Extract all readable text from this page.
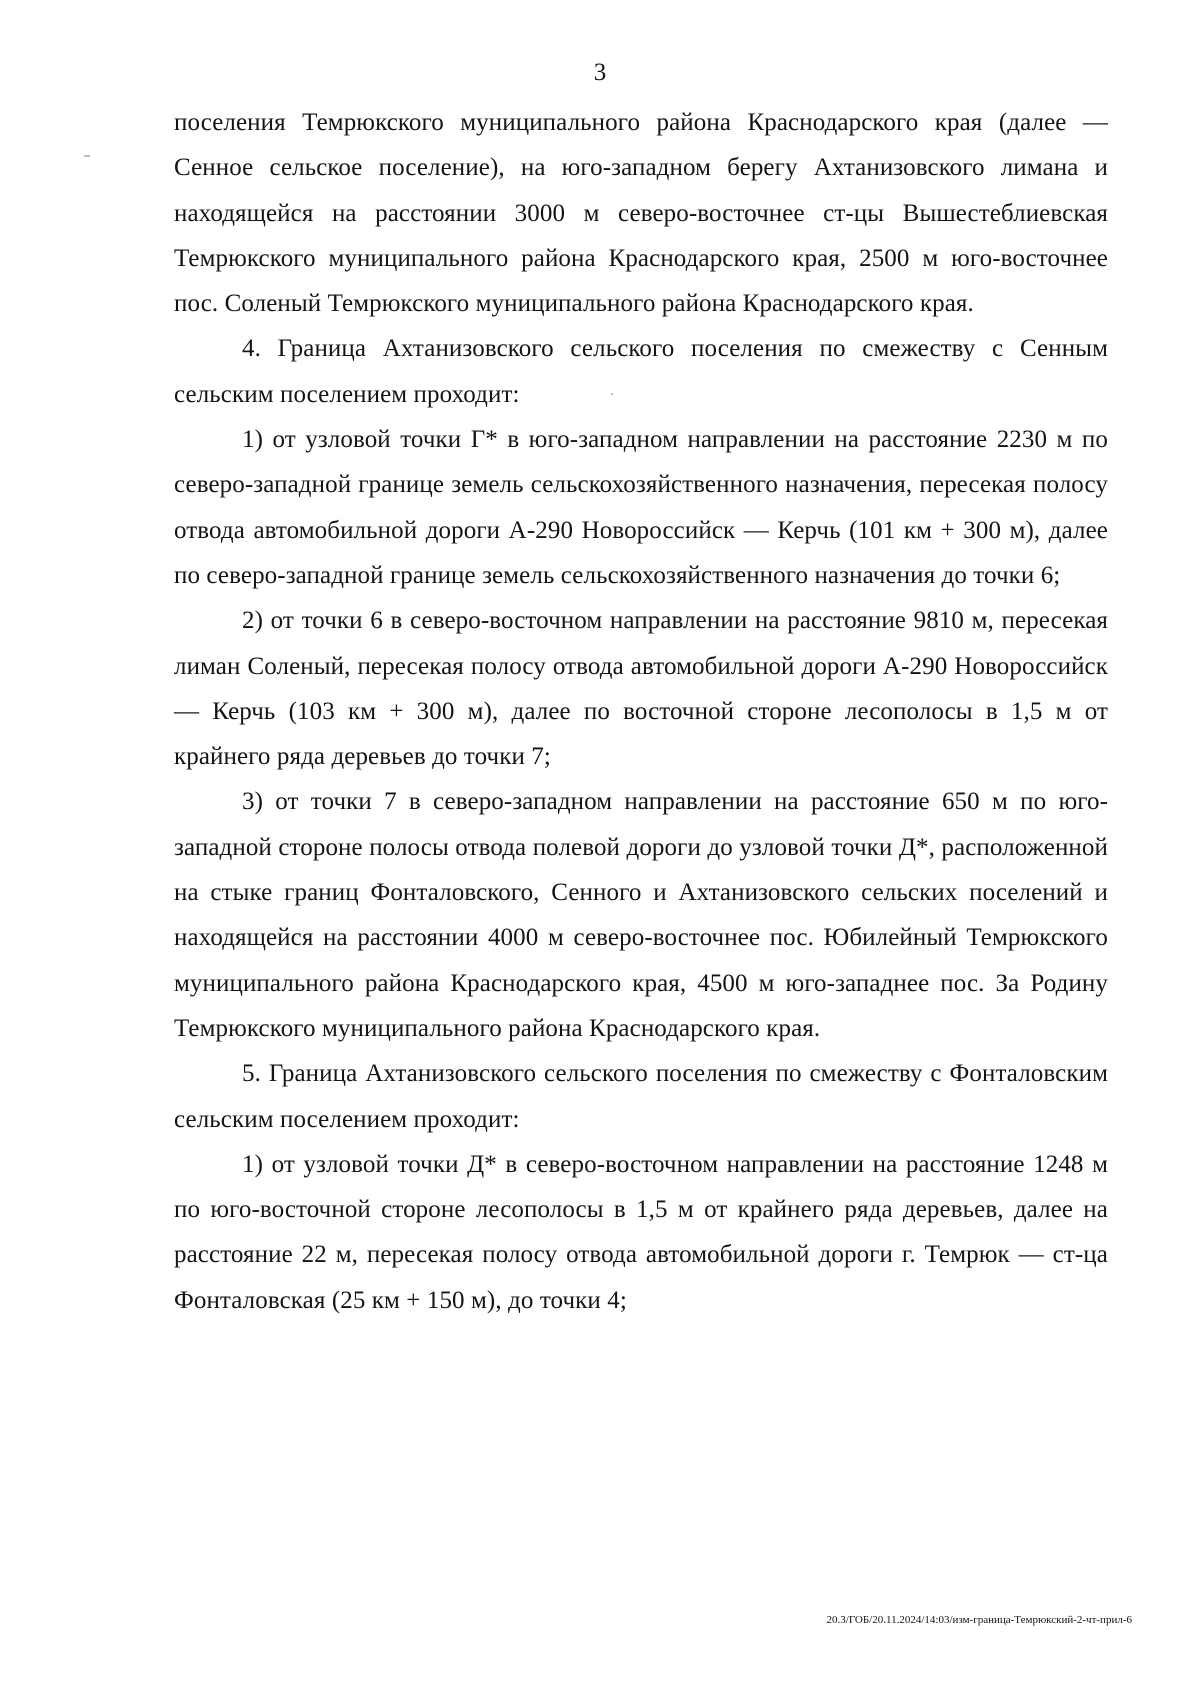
3

поселения Темрюкского муниципального района Краснодарского края (далее — Сенное сельское поселение), на юго-западном берегу Ахтанизовского лимана и находящейся на расстоянии 3000 м северо-восточнее ст-цы Вышестеблиевская Темрюкского муниципального района Краснодарского края, 2500 м юго-восточнее пос. Соленый Темрюкского муниципального района Краснодарского края.

4. Граница Ахтанизовского сельского поселения по смежеству с Сенным сельским поселением проходит:

1) от узловой точки Г* в юго-западном направлении на расстояние 2230 м по северо-западной границе земель сельскохозяйственного назначения, пересекая полосу отвода автомобильной дороги А-290 Новороссийск — Керчь (101 км + 300 м), далее по северо-западной границе земель сельскохозяйственного назначения до точки 6;

2) от точки 6 в северо-восточном направлении на расстояние 9810 м, пересекая лиман Соленый, пересекая полосу отвода автомобильной дороги А-290 Новороссийск — Керчь (103 км + 300 м), далее по восточной стороне лесополосы в 1,5 м от крайнего ряда деревьев до точки 7;

3) от точки 7 в северо-западном направлении на расстояние 650 м по юго-западной стороне полосы отвода полевой дороги до узловой точки Д*, расположенной на стыке границ Фонталовского, Сенного и Ахтанизовского сельских поселений и находящейся на расстоянии 4000 м северо-восточнее пос. Юбилейный Темрюкского муниципального района Краснодарского края, 4500 м юго-западнее пос. За Родину Темрюкского муниципального района Краснодарского края.

5. Граница Ахтанизовского сельского поселения по смежеству с Фонталовским сельским поселением проходит:

1) от узловой точки Д* в северо-восточном направлении на расстояние 1248 м по юго-восточной стороне лесополосы в 1,5 м от крайнего ряда деревьев, далее на расстояние 22 м, пересекая полосу отвода автомобильной дороги г. Темрюк — ст-ца Фонталовская (25 км + 150 м), до точки 4;

20.3/ГОБ/20.11.2024/14:03/изм-граница-Темрюкский-2-чт-прил-6
